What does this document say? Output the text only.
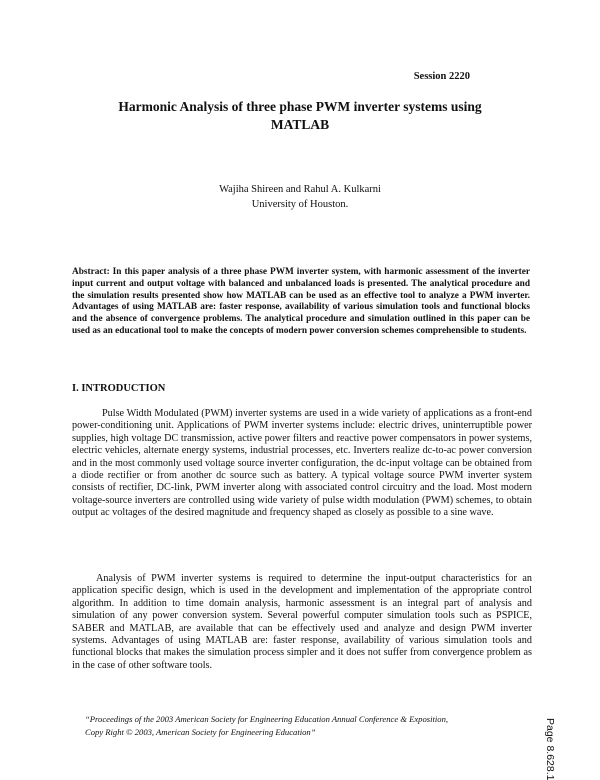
Session 2220
Harmonic Analysis of three phase PWM inverter systems using
MATLAB
Wajiha Shireen and Rahul A. Kulkarni
University of Houston.

Abstract: In this paper analysis of a three phase PWM inverter system, with harmonic assessment of the inverter input current and output voltage with balanced and unbalanced loads is presented. The analytical procedure and the simulation results presented show how MATLAB can be used as an effective tool to analyze a PWM inverter. Advantages of using MATLAB are: faster response, availability of various simulation tools and functional blocks and the absence of convergence problems. The analytical procedure and simulation outlined in this paper can be used as an educational tool to make the concepts of modern power conversion schemes comprehensible to students.

I. INTRODUCTION

Pulse Width Modulated (PWM) inverter systems are used in a wide variety of applications as a front-end power-conditioning unit. Applications of PWM inverter systems include: electric drives, uninterruptible power supplies, high voltage DC transmission, active power filters and reactive power compensators in power systems, electric vehicles, alternate energy systems, industrial processes, etc. Inverters realize dc-to-ac power conversion and in the most commonly used voltage source inverter configuration, the dc-input voltage can be obtained from a diode rectifier or from another dc source such as battery. A typical voltage source PWM inverter system consists of rectifier, DC-link, PWM inverter along with associated control circuitry and the load. Most modern voltage-source inverters are controlled using wide variety of pulse width modulation (PWM) schemes, to obtain output ac voltages of the desired magnitude and frequency shaped as closely as possible to a sine wave.

Analysis of PWM inverter systems is required to determine the input-output characteristics for an application specific design, which is used in the development and implementation of the appropriate control algorithm. In addition to time domain analysis, harmonic assessment is an integral part of analysis and simulation of any power conversion system. Several powerful computer simulation tools such as PSPICE, SABER and MATLAB, are available that can be effectively used and analyze and design PWM inverter systems. Advantages of using MATLAB are: faster response, availability of various simulation tools and functional blocks that makes the simulation process simpler and it does not suffer from convergence problem as in the case of other software tools.

“Proceedings of the 2003 American Society for Engineering Education Annual Conference & Exposition,
Copy Right © 2003, American Society for Engineering Education”	Page 8.628.1
